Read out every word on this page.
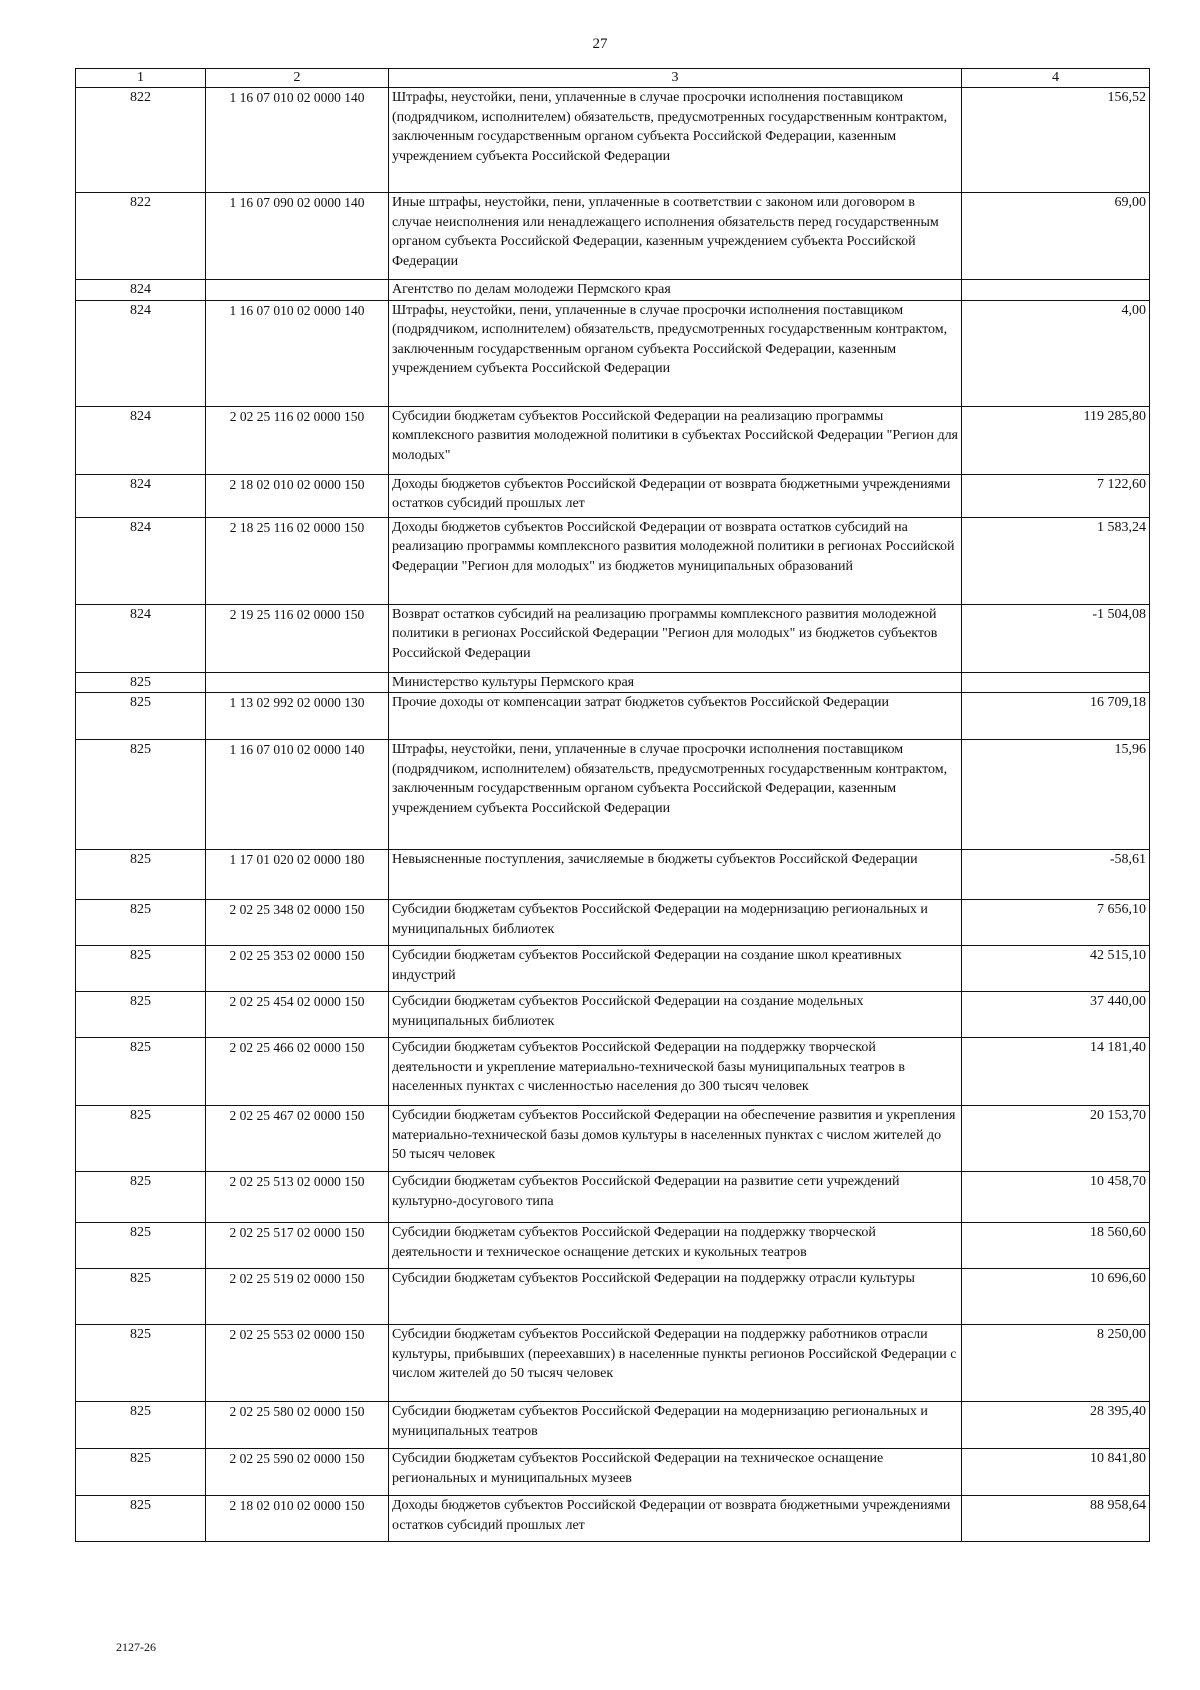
27
1	2	3	4
822	1 16 07 010 02 0000 140	Штрафы, неустойки, пени, уплаченные в случае просрочки исполнения поставщиком (подрядчиком, исполнителем) обязательств, предусмотренных государственным контрактом, заключенным государственным органом субъекта Российской Федерации, казенным учреждением субъекта Российской Федерации	156,52
822	1 16 07 090 02 0000 140	Иные штрафы, неустойки, пени, уплаченные в соответствии с законом или договором в случае неисполнения или ненадлежащего исполнения обязательств перед государственным органом субъекта Российской Федерации, казенным учреждением субъекта Российской Федерации	69,00
824		Агентство по делам молодежи Пермского края	
824	1 16 07 010 02 0000 140	Штрафы, неустойки, пени, уплаченные в случае просрочки исполнения поставщиком (подрядчиком, исполнителем) обязательств, предусмотренных государственным контрактом, заключенным государственным органом субъекта Российской Федерации, казенным учреждением субъекта Российской Федерации	4,00
824	2 02 25 116 02 0000 150	Субсидии бюджетам субъектов Российской Федерации на реализацию программы комплексного развития молодежной политики в субъектах Российской Федерации "Регион для молодых"	119 285,80
824	2 18 02 010 02 0000 150	Доходы бюджетов субъектов Российской Федерации от возврата бюджетными учреждениями остатков субсидий прошлых лет	7 122,60
824	2 18 25 116 02 0000 150	Доходы бюджетов субъектов Российской Федерации от возврата остатков субсидий на реализацию программы комплексного развития молодежной политики в регионах Российской Федерации "Регион для молодых" из бюджетов муниципальных образований	1 583,24
824	2 19 25 116 02 0000 150	Возврат остатков субсидий на реализацию программы комплексного развития молодежной политики в регионах Российской Федерации "Регион для молодых" из бюджетов субъектов Российской Федерации	-1 504,08
825		Министерство культуры Пермского края	
825	1 13 02 992 02 0000 130	Прочие доходы от компенсации затрат бюджетов субъектов Российской Федерации	16 709,18
825	1 16 07 010 02 0000 140	Штрафы, неустойки, пени, уплаченные в случае просрочки исполнения поставщиком (подрядчиком, исполнителем) обязательств, предусмотренных государственным контрактом, заключенным государственным органом субъекта Российской Федерации, казенным учреждением субъекта Российской Федерации	15,96
825	1 17 01 020 02 0000 180	Невыясненные поступления, зачисляемые в бюджеты субъектов Российской Федерации	-58,61
825	2 02 25 348 02 0000 150	Субсидии бюджетам субъектов Российской Федерации на модернизацию региональных и муниципальных библиотек	7 656,10
825	2 02 25 353 02 0000 150	Субсидии бюджетам субъектов Российской Федерации на создание школ креативных индустрий	42 515,10
825	2 02 25 454 02 0000 150	Субсидии бюджетам субъектов Российской Федерации на создание модельных муниципальных библиотек	37 440,00
825	2 02 25 466 02 0000 150	Субсидии бюджетам субъектов Российской Федерации на поддержку творческой деятельности и укрепление материально-технической базы муниципальных театров в населенных пунктах с численностью населения до 300 тысяч человек	14 181,40
825	2 02 25 467 02 0000 150	Субсидии бюджетам субъектов Российской Федерации на обеспечение развития и укрепления материально-технической базы домов культуры в населенных пунктах с числом жителей до 50 тысяч человек	20 153,70
825	2 02 25 513 02 0000 150	Субсидии бюджетам субъектов Российской Федерации на развитие сети учреждений культурно-досугового типа	10 458,70
825	2 02 25 517 02 0000 150	Субсидии бюджетам субъектов Российской Федерации на поддержку творческой деятельности и техническое оснащение детских и кукольных театров	18 560,60
825	2 02 25 519 02 0000 150	Субсидии бюджетам субъектов Российской Федерации на поддержку отрасли культуры	10 696,60
825	2 02 25 553 02 0000 150	Субсидии бюджетам субъектов Российской Федерации на поддержку работников отрасли культуры, прибывших (переехавших) в населенные пункты регионов Российской Федерации с числом жителей до 50 тысяч человек	8 250,00
825	2 02 25 580 02 0000 150	Субсидии бюджетам субъектов Российской Федерации на модернизацию региональных и муниципальных театров	28 395,40
825	2 02 25 590 02 0000 150	Субсидии бюджетам субъектов Российской Федерации на техническое оснащение региональных и муниципальных музеев	10 841,80
825	2 18 02 010 02 0000 150	Доходы бюджетов субъектов Российской Федерации от возврата бюджетными учреждениями остатков субсидий прошлых лет	88 958,64
2127-26
